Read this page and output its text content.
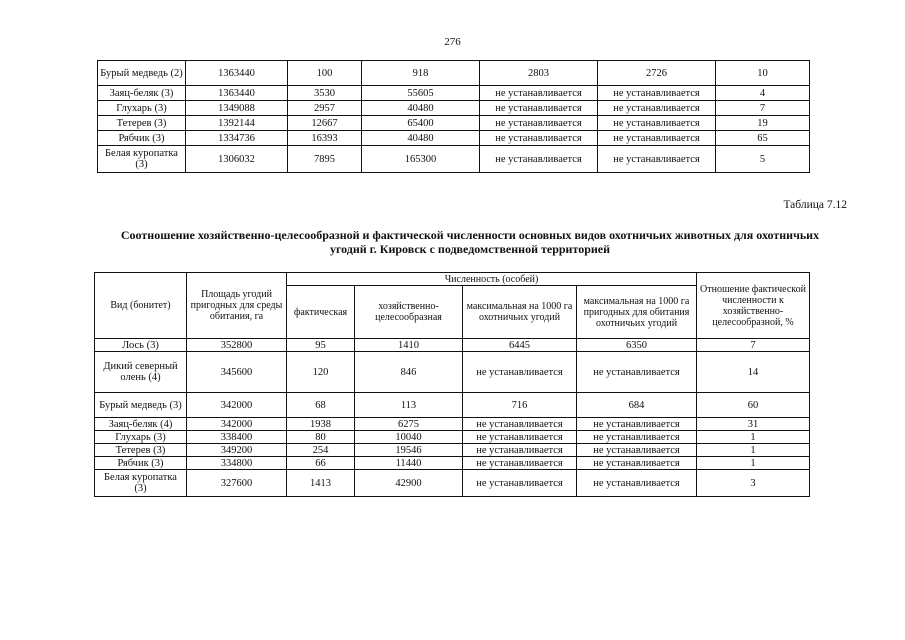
276
Бурый медведь (2)	1363440	100	918	2803	2726	10
Заяц-беляк (3)	1363440	3530	55605	не устанавливается	не устанавливается	4
Глухарь (3)	1349088	2957	40480	не устанавливается	не устанавливается	7
Тетерев (3)	1392144	12667	65400	не устанавливается	не устанавливается	19
Рябчик (3)	1334736	16393	40480	не устанавливается	не устанавливается	65
Белая куропатка (3)	1306032	7895	165300	не устанавливается	не устанавливается	5
Таблица 7.12
Соотношение хозяйственно-целесообразной и фактической численности основных видов охотничьих животных для охотничьих угодий г. Кировск с подведомственной территорией
Вид (бонитет)	Площадь угодий пригодных для среды обитания, га	Численность (особей)				Отношение фактической численности к хозяйственно-целесообразной, %
		фактическая	хозяйственно-целесообразная	максимальная на 1000 га охотничьих угодий	максимальная на 1000 га пригодных для обитания охотничьих угодий	
Лось (3)	352800	95	1410	6445	6350	7
Дикий северный олень (4)	345600	120	846	не устанавливается	не устанавливается	14
Бурый медведь (3)	342000	68	113	716	684	60
Заяц-беляк (4)	342000	1938	6275	не устанавливается	не устанавливается	31
Глухарь (3)	338400	80	10040	не устанавливается	не устанавливается	1
Тетерев (3)	349200	254	19546	не устанавливается	не устанавливается	1
Рябчик (3)	334800	66	11440	не устанавливается	не устанавливается	1
Белая куропатка (3)	327600	1413	42900	не устанавливается	не устанавливается	3
